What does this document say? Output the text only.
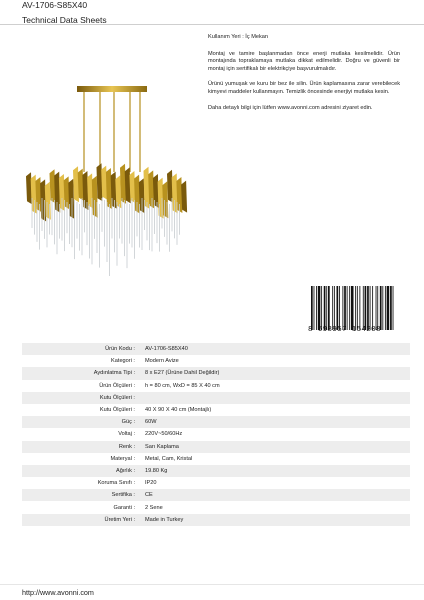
AV-1706-S85X40
Technical Data Sheets

Kullanım Yeri : İç Mekan

Montaj ve tamire başlanmadan önce enerji mutlaka kesilmelidir. Ürün montajında topraklamaya mutlaka dikkat edilmelidir. Doğru ve güvenli bir montaj için sertifikalı bir elektrikçiye başvurulmalıdır.

Ürünü yumuşak ve kuru bir bez ile silin. Ürün kaplamasına zarar verebilecek kimyevi maddeler kullanmayın. Temizlik öncesinde enerjiyi mutlaka kesin.

Daha detaylı bilgi için lütfen www.avonni.com adresini ziyaret edin.

8 698957 154208
Ürün Kodu :	AV-1706-S85X40
Kategori :	Modern Avize
Aydınlatma Tipi :	8 x E27 (Ürüne Dahil Değildir)
Ürün Ölçüleri :	h = 80 cm, WxD = 85 X 40 cm
Kutu Ölçüleri :	
Kutu Ölçüleri :	40 X 90 X 40 cm (Montajlı)
Güç :	60W
Voltaj :	220V~50/60Hz
Renk :	Sarı Kaplama
Materyal :	Metal, Cam, Kristal
Ağırlık :	19.80 Kg
Koruma Sınıfı :	IP20
Sertifika :	CE
Garanti :	2 Sene
Üretim Yeri :	Made in Turkey
http://www.avonni.com
